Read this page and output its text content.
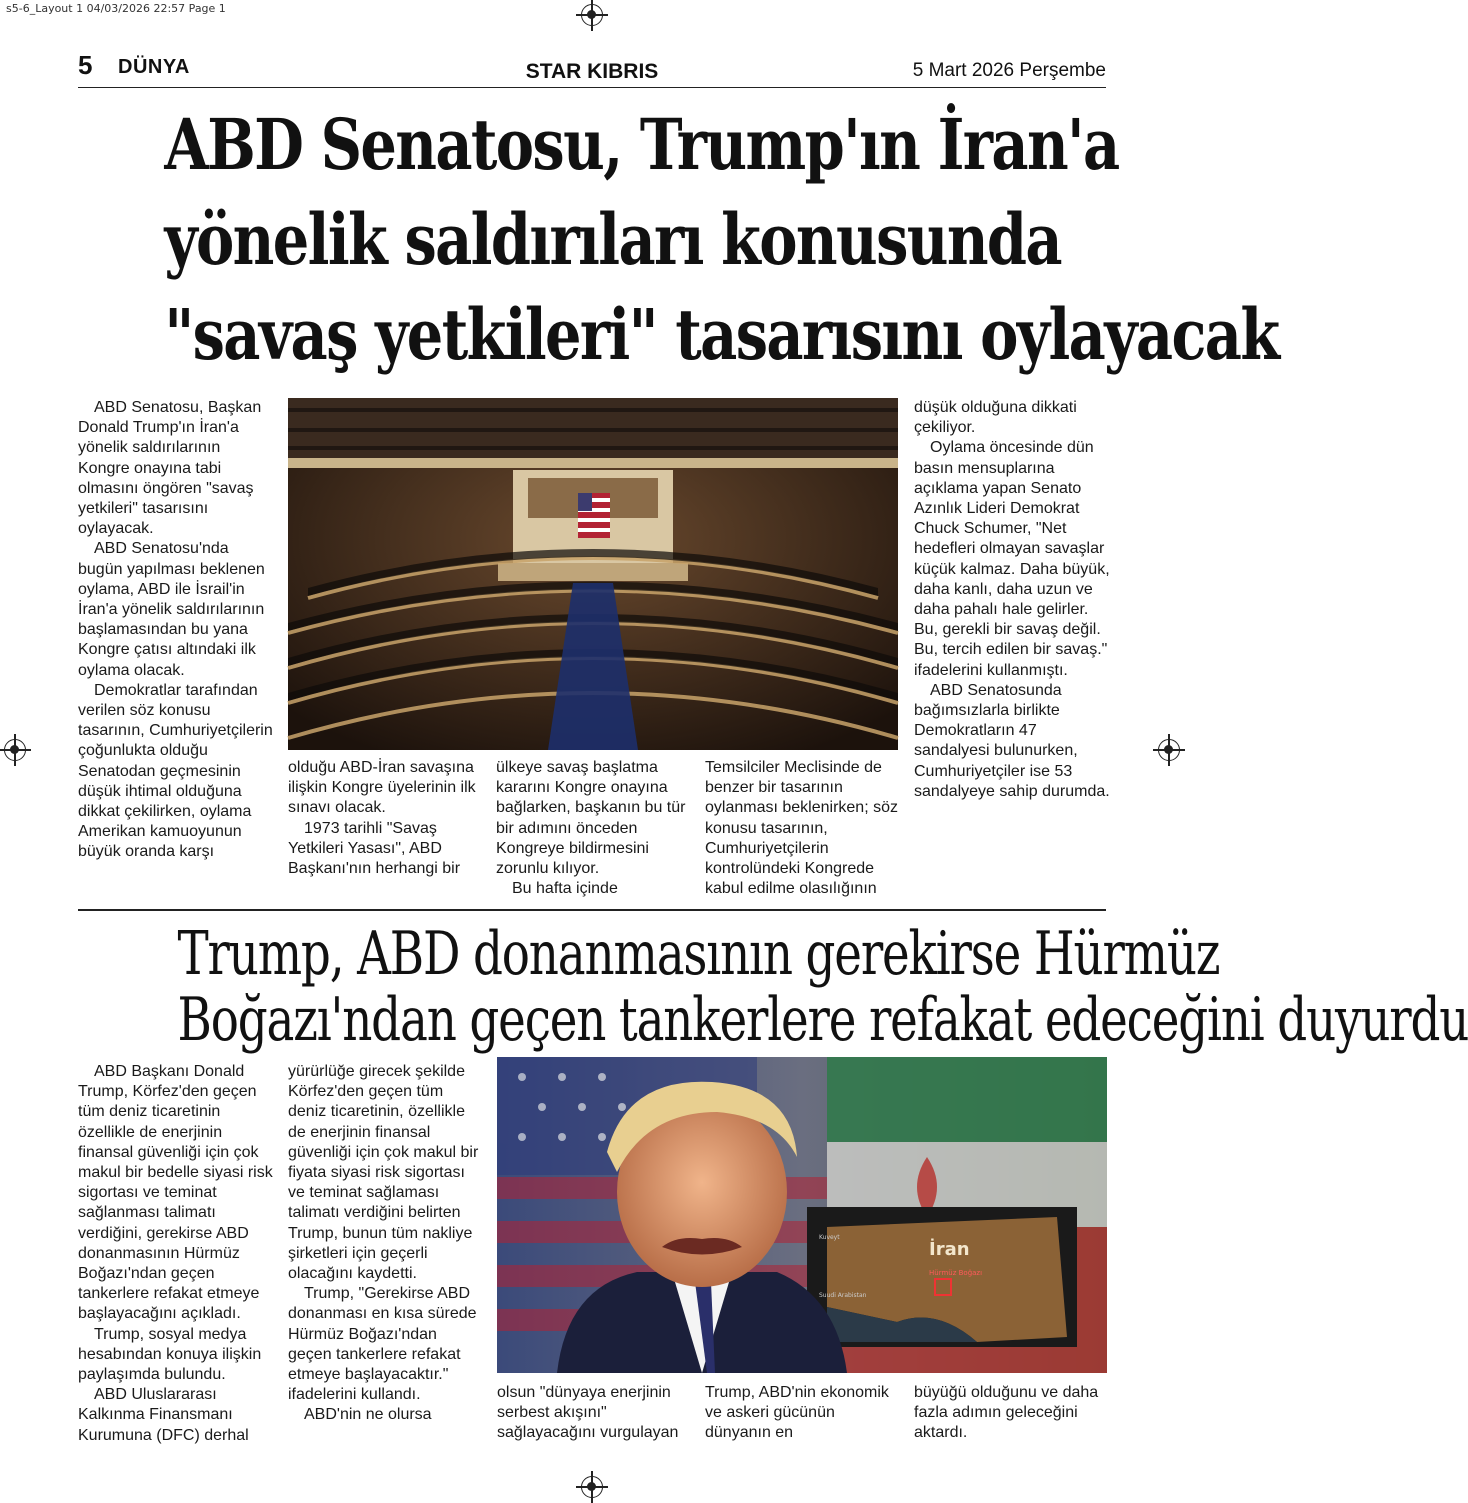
s5-6_Layout 1 04/03/2026 22:57 Page 1
5 DÜNYA	STAR KIBRIS	5 Mart 2026 Perşembe
ABD Senatosu, Trump'ın İran'a
yönelik saldırıları konusunda
"savaş yetkileri" tasarısını oylayacak

ABD Senatosu, Başkan Donald Trump'ın İran'a yönelik saldırılarının Kongre onayına tabi olmasını öngören "savaş yetkileri" tasarısını oylayacak.

ABD Senatosu'nda bugün yapılması beklenen oylama, ABD ile İsrail'in İran'a yönelik saldırılarının başlamasından bu yana Kongre çatısı altındaki ilk oylama olacak.

Demokratlar tarafından verilen söz konusu tasarının, Cumhuriyetçilerin çoğunlukta olduğu Senatodan geçmesinin düşük ihtimal olduğuna dikkat çekilirken, oylama Amerikan kamuoyunun büyük oranda karşı

olduğu ABD-İran savaşına ilişkin Kongre üyelerinin ilk sınavı olacak.

1973 tarihli "Savaş Yetkileri Yasası", ABD Başkanı'nın herhangi bir

ülkeye savaş başlatma kararını Kongre onayına bağlarken, başkanın bu tür bir adımını önceden Kongreye bildirmesini zorunlu kılıyor.

Bu hafta içinde

Temsilciler Meclisinde de benzer bir tasarının oylanması beklenirken; söz konusu tasarının, Cumhuriyetçilerin kontrolündeki Kongrede kabul edilme olasılığının

düşük olduğuna dikkati çekiliyor.

Oylama öncesinde dün basın mensuplarına açıklama yapan Senato Azınlık Lideri Demokrat Chuck Schumer, "Net hedefleri olmayan savaşlar küçük kalmaz. Daha büyük, daha kanlı, daha uzun ve daha pahalı hale gelirler. Bu, gerekli bir savaş değil. Bu, tercih edilen bir savaş." ifadelerini kullanmıştı.

ABD Senatosunda bağımsızlarla birlikte Demokratların 47 sandalyesi bulunurken, Cumhuriyetçiler ise 53 sandalyeye sahip durumda.

Trump, ABD donanmasının gerekirse Hürmüz
Boğazı'ndan geçen tankerlere refakat edeceğini duyurdu

ABD Başkanı Donald Trump, Körfez'den geçen tüm deniz ticaretinin özellikle de enerjinin finansal güvenliği için çok makul bir bedelle siyasi risk sigortası ve teminat sağlanması talimatı verdiğini, gerekirse ABD donanmasının Hürmüz Boğazı'ndan geçen tankerlere refakat etmeye başlayacağını açıkladı.

Trump, sosyal medya hesabından konuya ilişkin paylaşımda bulundu.

ABD Uluslararası Kalkınma Finansmanı Kurumuna (DFC) derhal

yürürlüğe girecek şekilde Körfez'den geçen tüm deniz ticaretinin, özellikle de enerjinin finansal güvenliği için çok makul bir fiyata siyasi risk sigortası ve teminat sağlaması talimatı verdiğini belirten Trump, bunun tüm nakliye şirketleri için geçerli olacağını kaydetti.

Trump, "Gerekirse ABD donanması en kısa sürede Hürmüz Boğazı'ndan geçen tankerlere refakat etmeye başlayacaktır." ifadelerini kullandı.

ABD'nin ne olursa

İran
Hürmüz Boğazı
Kuveyt
Suudi Arabistan

olsun "dünyaya enerjinin serbest akışını" sağlayacağını vurgulayan

Trump, ABD'nin ekonomik ve askeri gücünün dünyanın en

büyüğü olduğunu ve daha fazla adımın geleceğini aktardı.
